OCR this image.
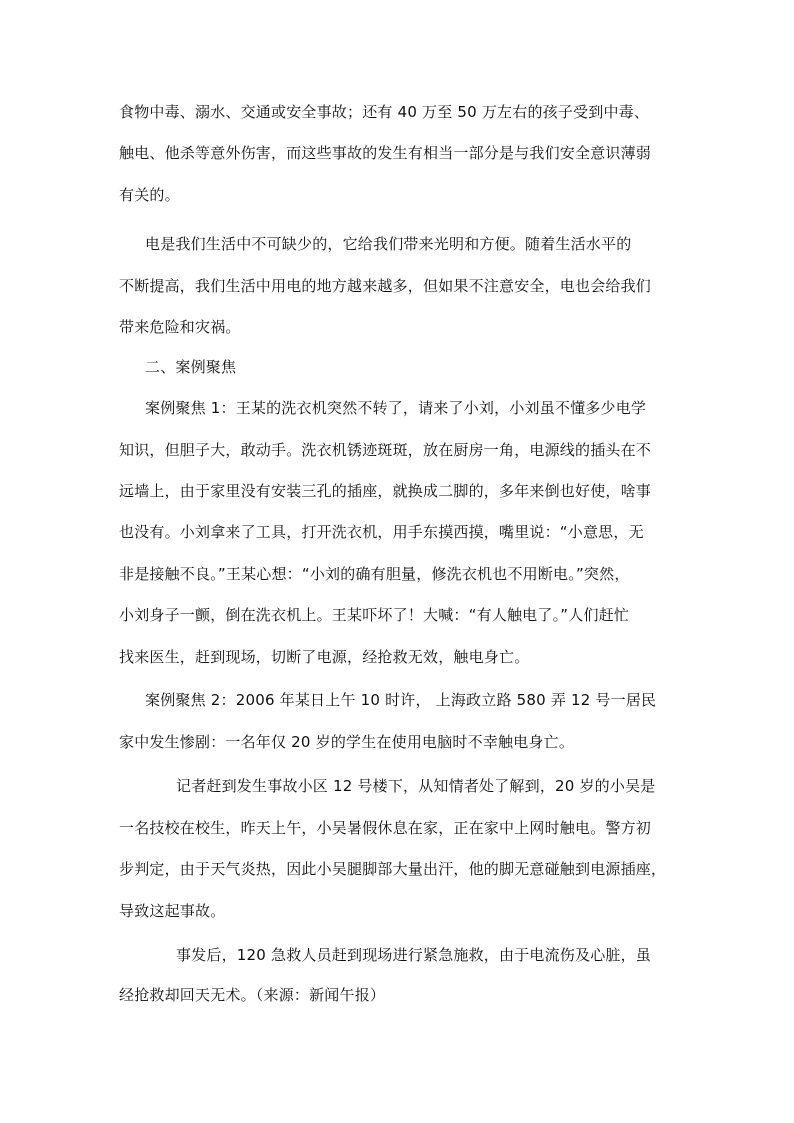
食物中毒、溺水、交通或安全事故；还有 40 万至 50 万左右的孩子受到中毒、
触电、他杀等意外伤害，而这些事故的发生有相当一部分是与我们安全意识薄弱
有关的。
电是我们生活中不可缺少的，它给我们带来光明和方便。随着生活水平的
不断提高，我们生活中用电的地方越来越多，但如果不注意安全，电也会给我们
带来危险和灾祸。
二、案例聚焦
案例聚焦 1：王某的洗衣机突然不转了，请来了小刘，小刘虽不懂多少电学
知识，但胆子大，敢动手。洗衣机锈迹斑斑，放在厨房一角，电源线的插头在不
远墙上，由于家里没有安装三孔的插座，就换成二脚的，多年来倒也好使，啥事
也没有。小刘拿来了工具，打开洗衣机，用手东摸西摸，嘴里说：“小意思，无
非是接触不良。”王某心想：“小刘的确有胆量，修洗衣机也不用断电。”突然，
小刘身子一颤，倒在洗衣机上。王某吓坏了！大喊：“有人触电了。”人们赶忙
找来医生，赶到现场，切断了电源，经抢救无效，触电身亡。
案例聚焦 2：2006 年某日上午 10 时许， 上海政立路 580 弄 12 号一居民
家中发生惨剧：一名年仅 20 岁的学生在使用电脑时不幸触电身亡。
记者赶到发生事故小区 12 号楼下，从知情者处了解到，20 岁的小吴是
一名技校在校生，昨天上午，小吴暑假休息在家，正在家中上网时触电。警方初
步判定，由于天气炎热，因此小吴腿脚部大量出汗，他的脚无意碰触到电源插座，
导致这起事故。
事发后，120 急救人员赶到现场进行紧急施救，由于电流伤及心脏，虽
经抢救却回天无术。（来源：新闻午报）
